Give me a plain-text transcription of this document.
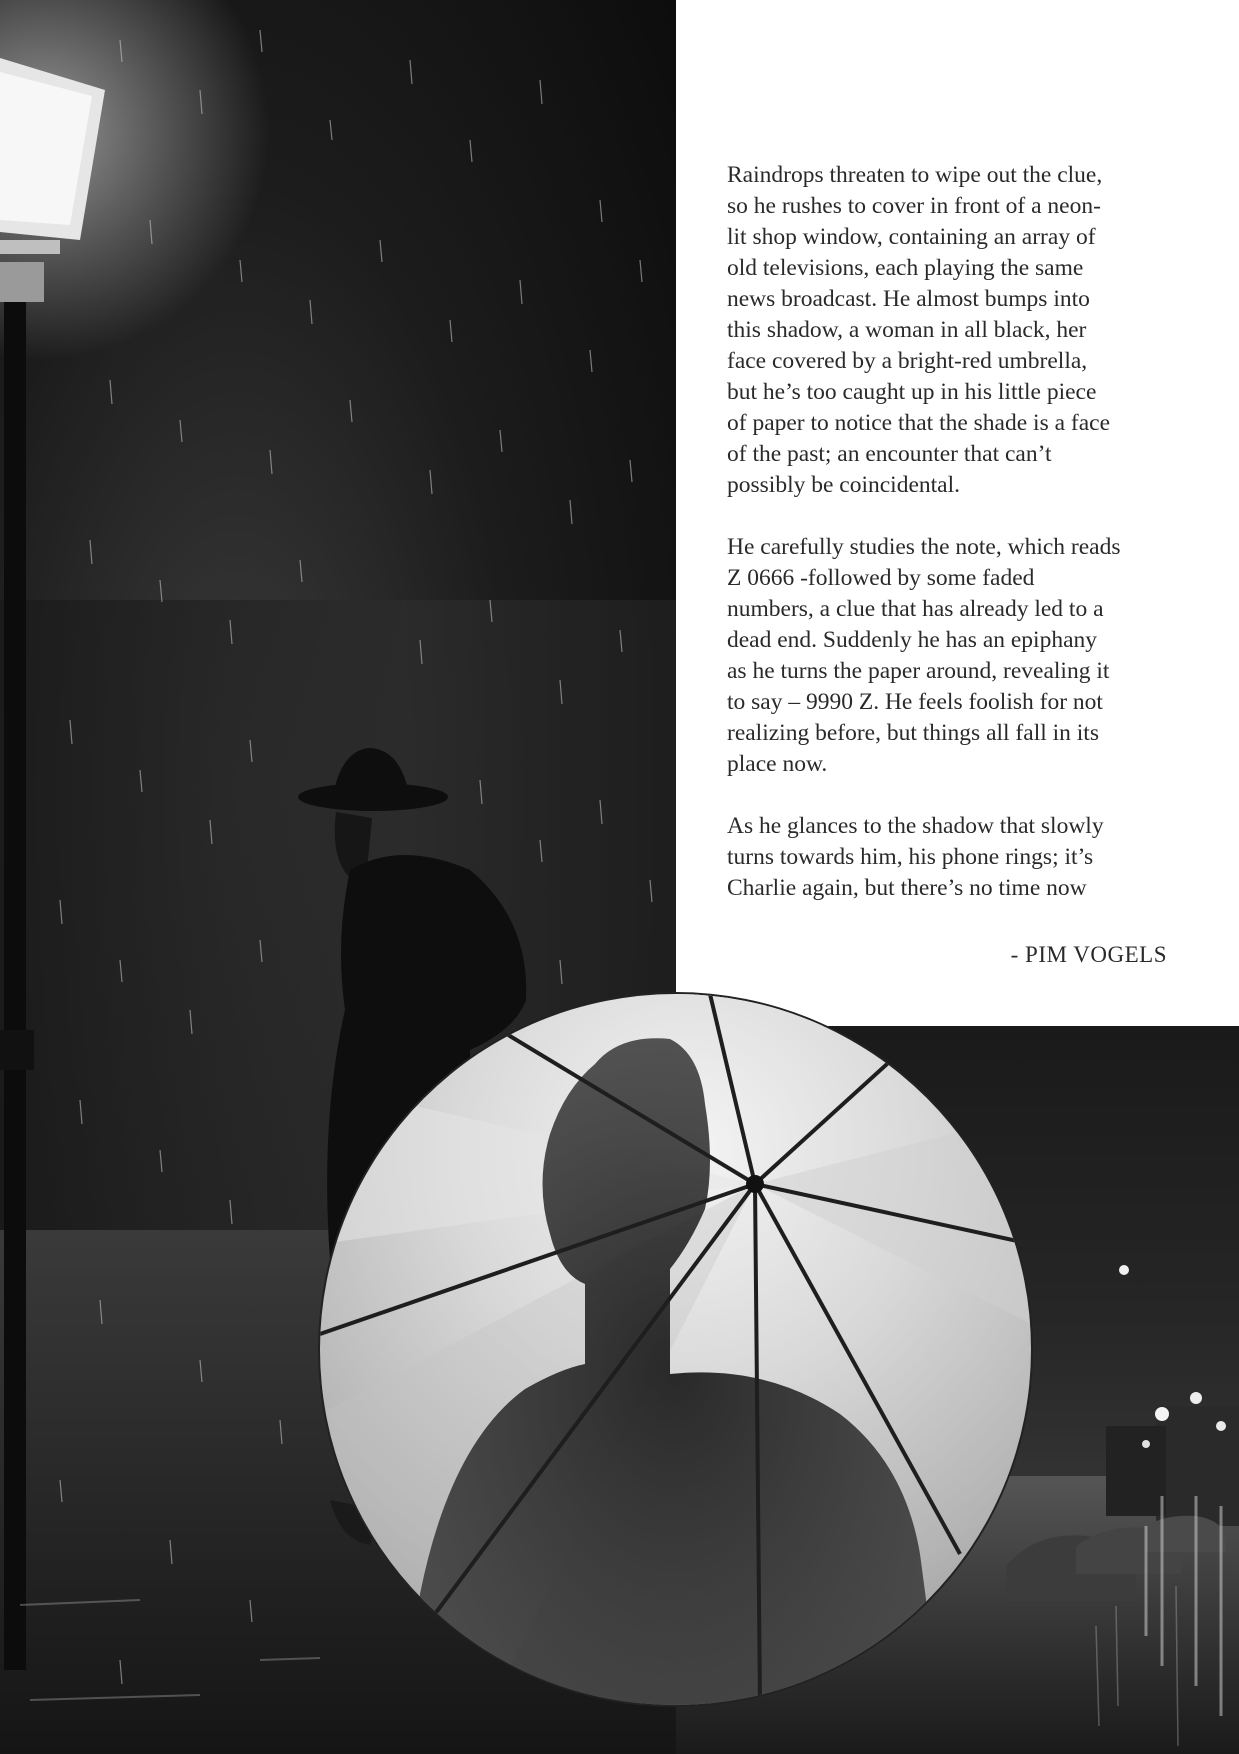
Raindrops threaten to wipe out the clue,
so he rushes to cover in front of a neon-
lit shop window, containing an array of
old televisions, each playing the same
news broadcast. He almost bumps into
this shadow, a woman in all black, her
face covered by a bright-red umbrella,
but he’s too caught up in his little piece
of paper to notice that the shade is a face
of the past; an encounter that can’t
possibly be coincidental.

He carefully studies the note, which reads
Z 0666 -followed by some faded
numbers, a clue that has already led to a
dead end. Suddenly he has an epiphany
as he turns the paper around, revealing it
to say – 9990 Z. He feels foolish for not
realizing before, but things all fall in its
place now.

As he glances to the shadow that slowly
turns towards him, his phone rings; it’s
Charlie again, but there’s no time now

- PIM VOGELS
